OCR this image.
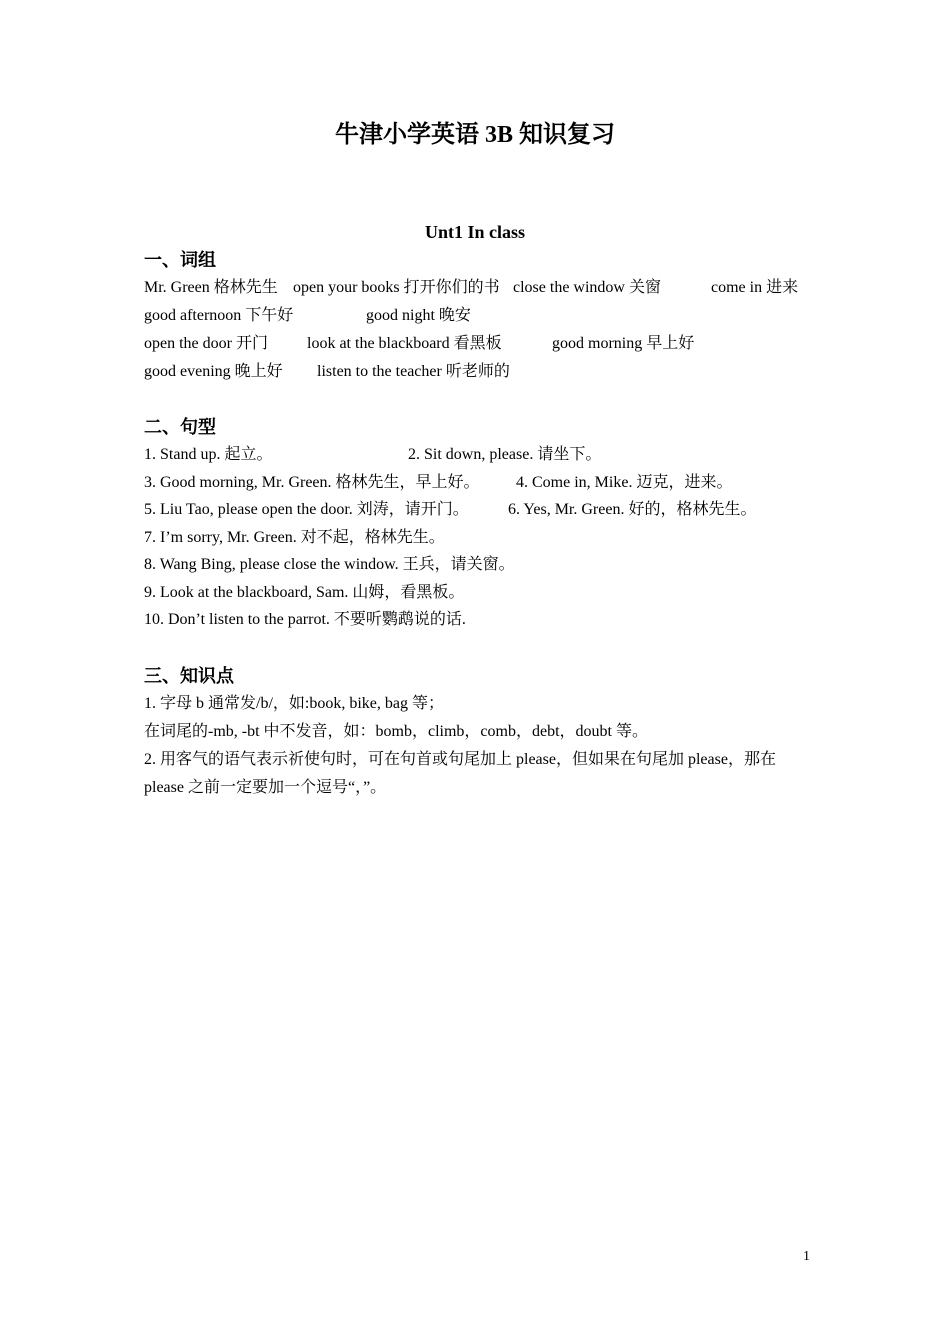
牛津小学英语 3B 知识复习
Unt1 In class
一、词组
Mr. Green 格林先生 open your books 打开你们的书 close the window 关窗	come in 进来
good afternoon 下午好	good night 晚安
open the door 开门 look at the blackboard 看黑板	good morning 早上好
good evening 晚上好 listen to the teacher 听老师的
二、句型
1. Stand up. 起立。	2. Sit down, please. 请坐下。
3. Good morning, Mr. Green. 格林先生，早上好。 4. Come in, Mike. 迈克，进来。
5. Liu Tao, please open the door. 刘涛，请开门。 6. Yes, Mr. Green. 好的，格林先生。
7. I’m sorry, Mr. Green. 对不起，格林先生。
8. Wang Bing, please close the window. 王兵，请关窗。
9. Look at the blackboard, Sam. 山姆，看黑板。
10. Don’t listen to the parrot. 不要听鹦鹉说的话.
三、知识点
1. 字母 b 通常发/b/，如:book, bike, bag 等；
在词尾的-mb, -bt 中不发音，如：bomb，climb，comb，debt，doubt 等。
2. 用客气的语气表示祈使句时，可在句首或句尾加上 please，但如果在句尾加 please，那在
please 之前一定要加一个逗号“，”。
1
